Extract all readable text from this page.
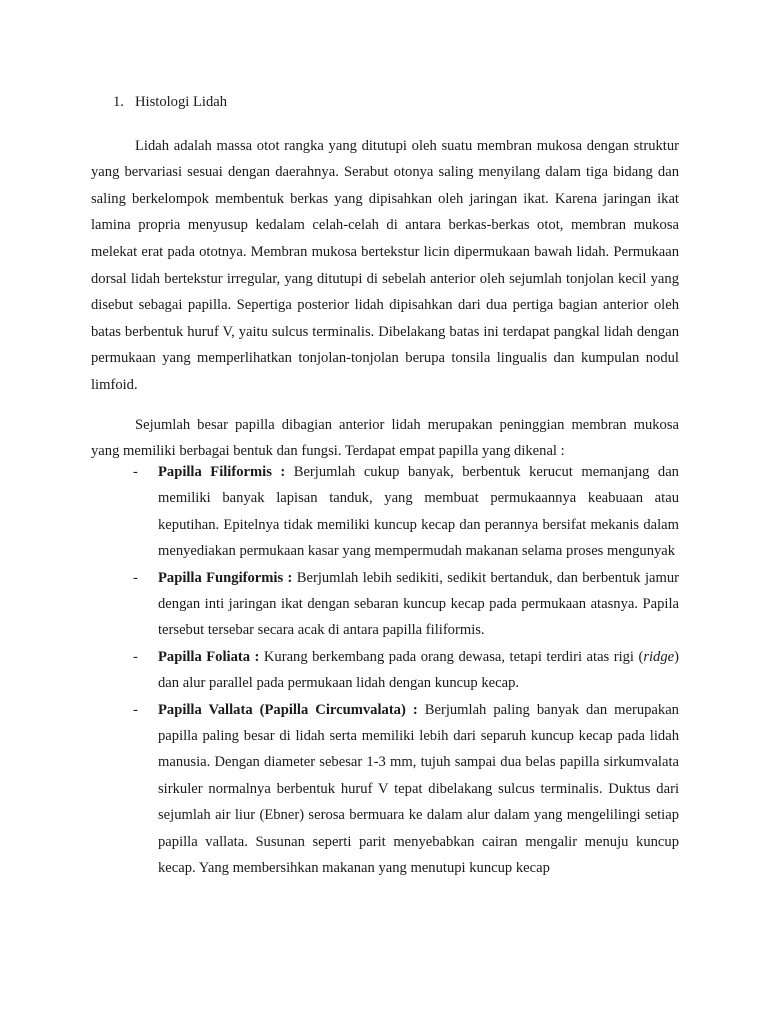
1. Histologi Lidah

Lidah adalah massa otot rangka yang ditutupi oleh suatu membran mukosa dengan struktur yang bervariasi sesuai dengan daerahnya. Serabut otonya saling menyilang dalam tiga bidang dan saling berkelompok membentuk berkas yang dipisahkan oleh jaringan ikat. Karena jaringan ikat lamina propria menyusup kedalam celah-celah di antara berkas-berkas otot, membran mukosa melekat erat pada ototnya. Membran mukosa bertekstur licin dipermukaan bawah lidah. Permukaan dorsal lidah bertekstur irregular, yang ditutupi di sebelah anterior oleh sejumlah tonjolan kecil yang disebut sebagai papilla. Sepertiga posterior lidah dipisahkan dari dua pertiga bagian anterior oleh batas berbentuk huruf V, yaitu sulcus terminalis. Dibelakang batas ini terdapat pangkal lidah dengan permukaan yang memperlihatkan tonjolan-tonjolan berupa tonsila lingualis dan kumpulan nodul limfoid.

Sejumlah besar papilla dibagian anterior lidah merupakan peninggian membran mukosa yang memiliki berbagai bentuk dan fungsi. Terdapat empat papilla yang dikenal :

- Papilla Filiformis : Berjumlah cukup banyak, berbentuk kerucut memanjang dan memiliki banyak lapisan tanduk, yang membuat permukaannya keabuaan atau keputihan. Epitelnya tidak memiliki kuncup kecap dan perannya bersifat mekanis dalam menyediakan permukaan kasar yang mempermudah makanan selama proses mengunyak
- Papilla Fungiformis : Berjumlah lebih sedikiti, sedikit bertanduk, dan berbentuk jamur dengan inti jaringan ikat dengan sebaran kuncup kecap pada permukaan atasnya. Papila tersebut tersebar secara acak di antara papilla filiformis.
- Papilla Foliata : Kurang berkembang pada orang dewasa, tetapi terdiri atas rigi (ridge) dan alur parallel pada permukaan lidah dengan kuncup kecap.
- Papilla Vallata (Papilla Circumvalata) : Berjumlah paling banyak dan merupakan papilla paling besar di lidah serta memiliki lebih dari separuh kuncup kecap pada lidah manusia. Dengan diameter sebesar 1-3 mm, tujuh sampai dua belas papilla sirkumvalata sirkuler normalnya berbentuk huruf V tepat dibelakang sulcus terminalis. Duktus dari sejumlah air liur (Ebner) serosa bermuara ke dalam alur dalam yang mengelilingi setiap papilla vallata. Susunan seperti parit menyebabkan cairan mengalir menuju kuncup kecap. Yang membersihkan makanan yang menutupi kuncup kecap
